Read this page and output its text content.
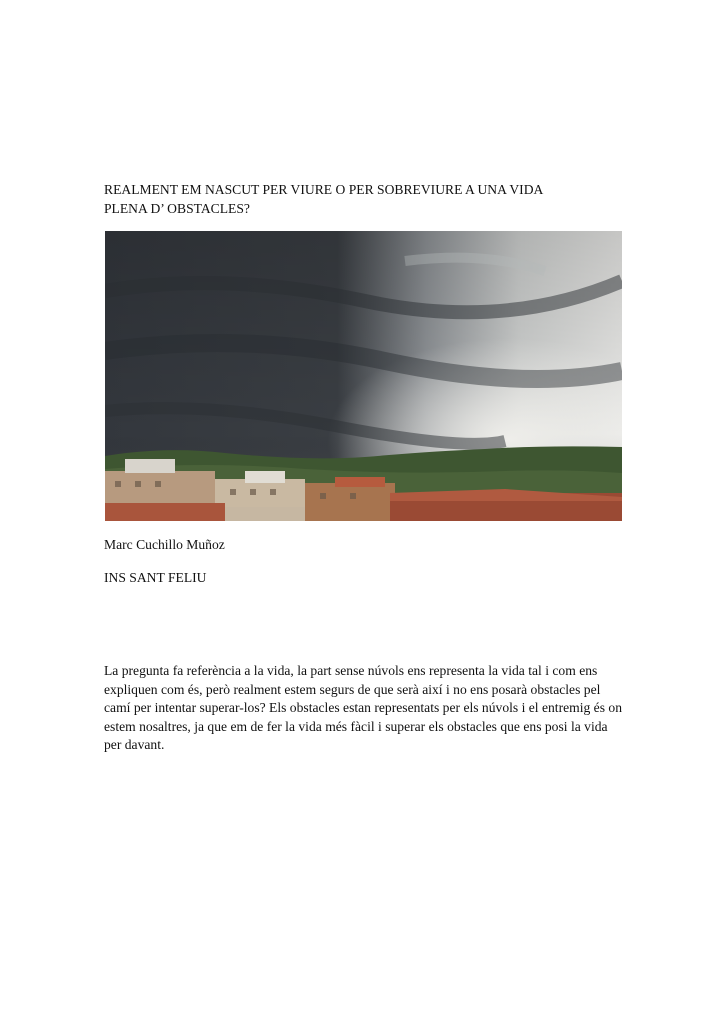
REALMENT EM NASCUT PER VIURE O PER SOBREVIURE A UNA VIDA
PLENA D’ OBSTACLES?
Marc Cuchillo Muñoz
INS SANT FELIU
La pregunta fa referència a la vida, la part sense núvols ens representa la vida tal i com ens expliquen com és, però realment estem segurs de que serà així i no ens posarà obstacles pel camí per intentar superar-los? Els obstacles estan representats per els núvols i el entremig és on estem nosaltres, ja que em de fer la vida més fàcil i superar els obstacles que ens posi la vida per davant.
